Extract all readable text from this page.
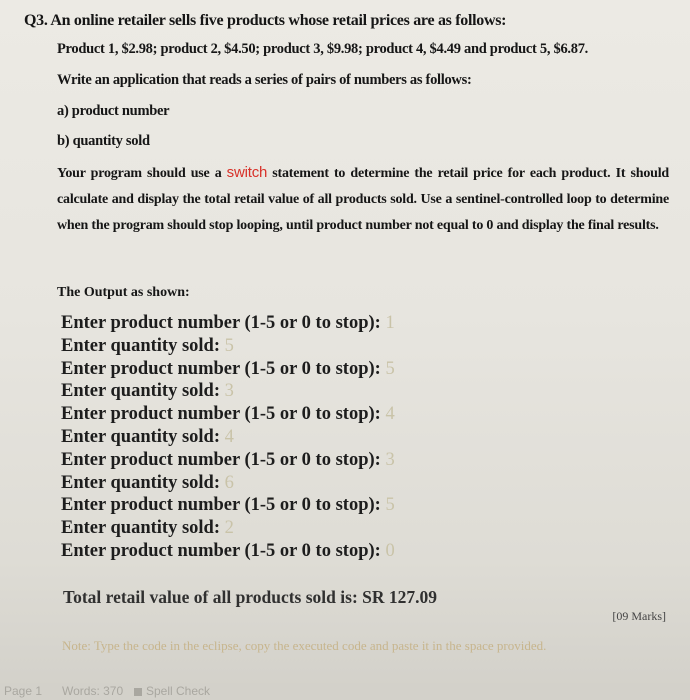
Q3. An online retailer sells five products whose retail prices are as follows:
Product 1, $2.98; product 2, $4.50; product 3, $9.98; product 4, $4.49 and product 5, $6.87.
Write an application that reads a series of pairs of numbers as follows:
a) product number
b) quantity sold
Your program should use a switch statement to determine the retail price for each product. It should calculate and display the total retail value of all products sold. Use a sentinel-controlled loop to determine when the program should stop looping, until product number not equal to 0 and display the final results.
The Output as shown:
Enter product number (1-5 or 0 to stop): 1
Enter quantity sold: 5
Enter product number (1-5 or 0 to stop): 5
Enter quantity sold: 3
Enter product number (1-5 or 0 to stop): 4
Enter quantity sold: 4
Enter product number (1-5 or 0 to stop): 3
Enter quantity sold: 6
Enter product number (1-5 or 0 to stop): 5
Enter quantity sold: 2
Enter product number (1-5 or 0 to stop): 0
Total retail value of all products sold is: SR 127.09
[09 Marks]
Note: Type the code in the eclipse, copy the executed code and paste it in the space provided.
Page 1 Words: 370	Spell Check
